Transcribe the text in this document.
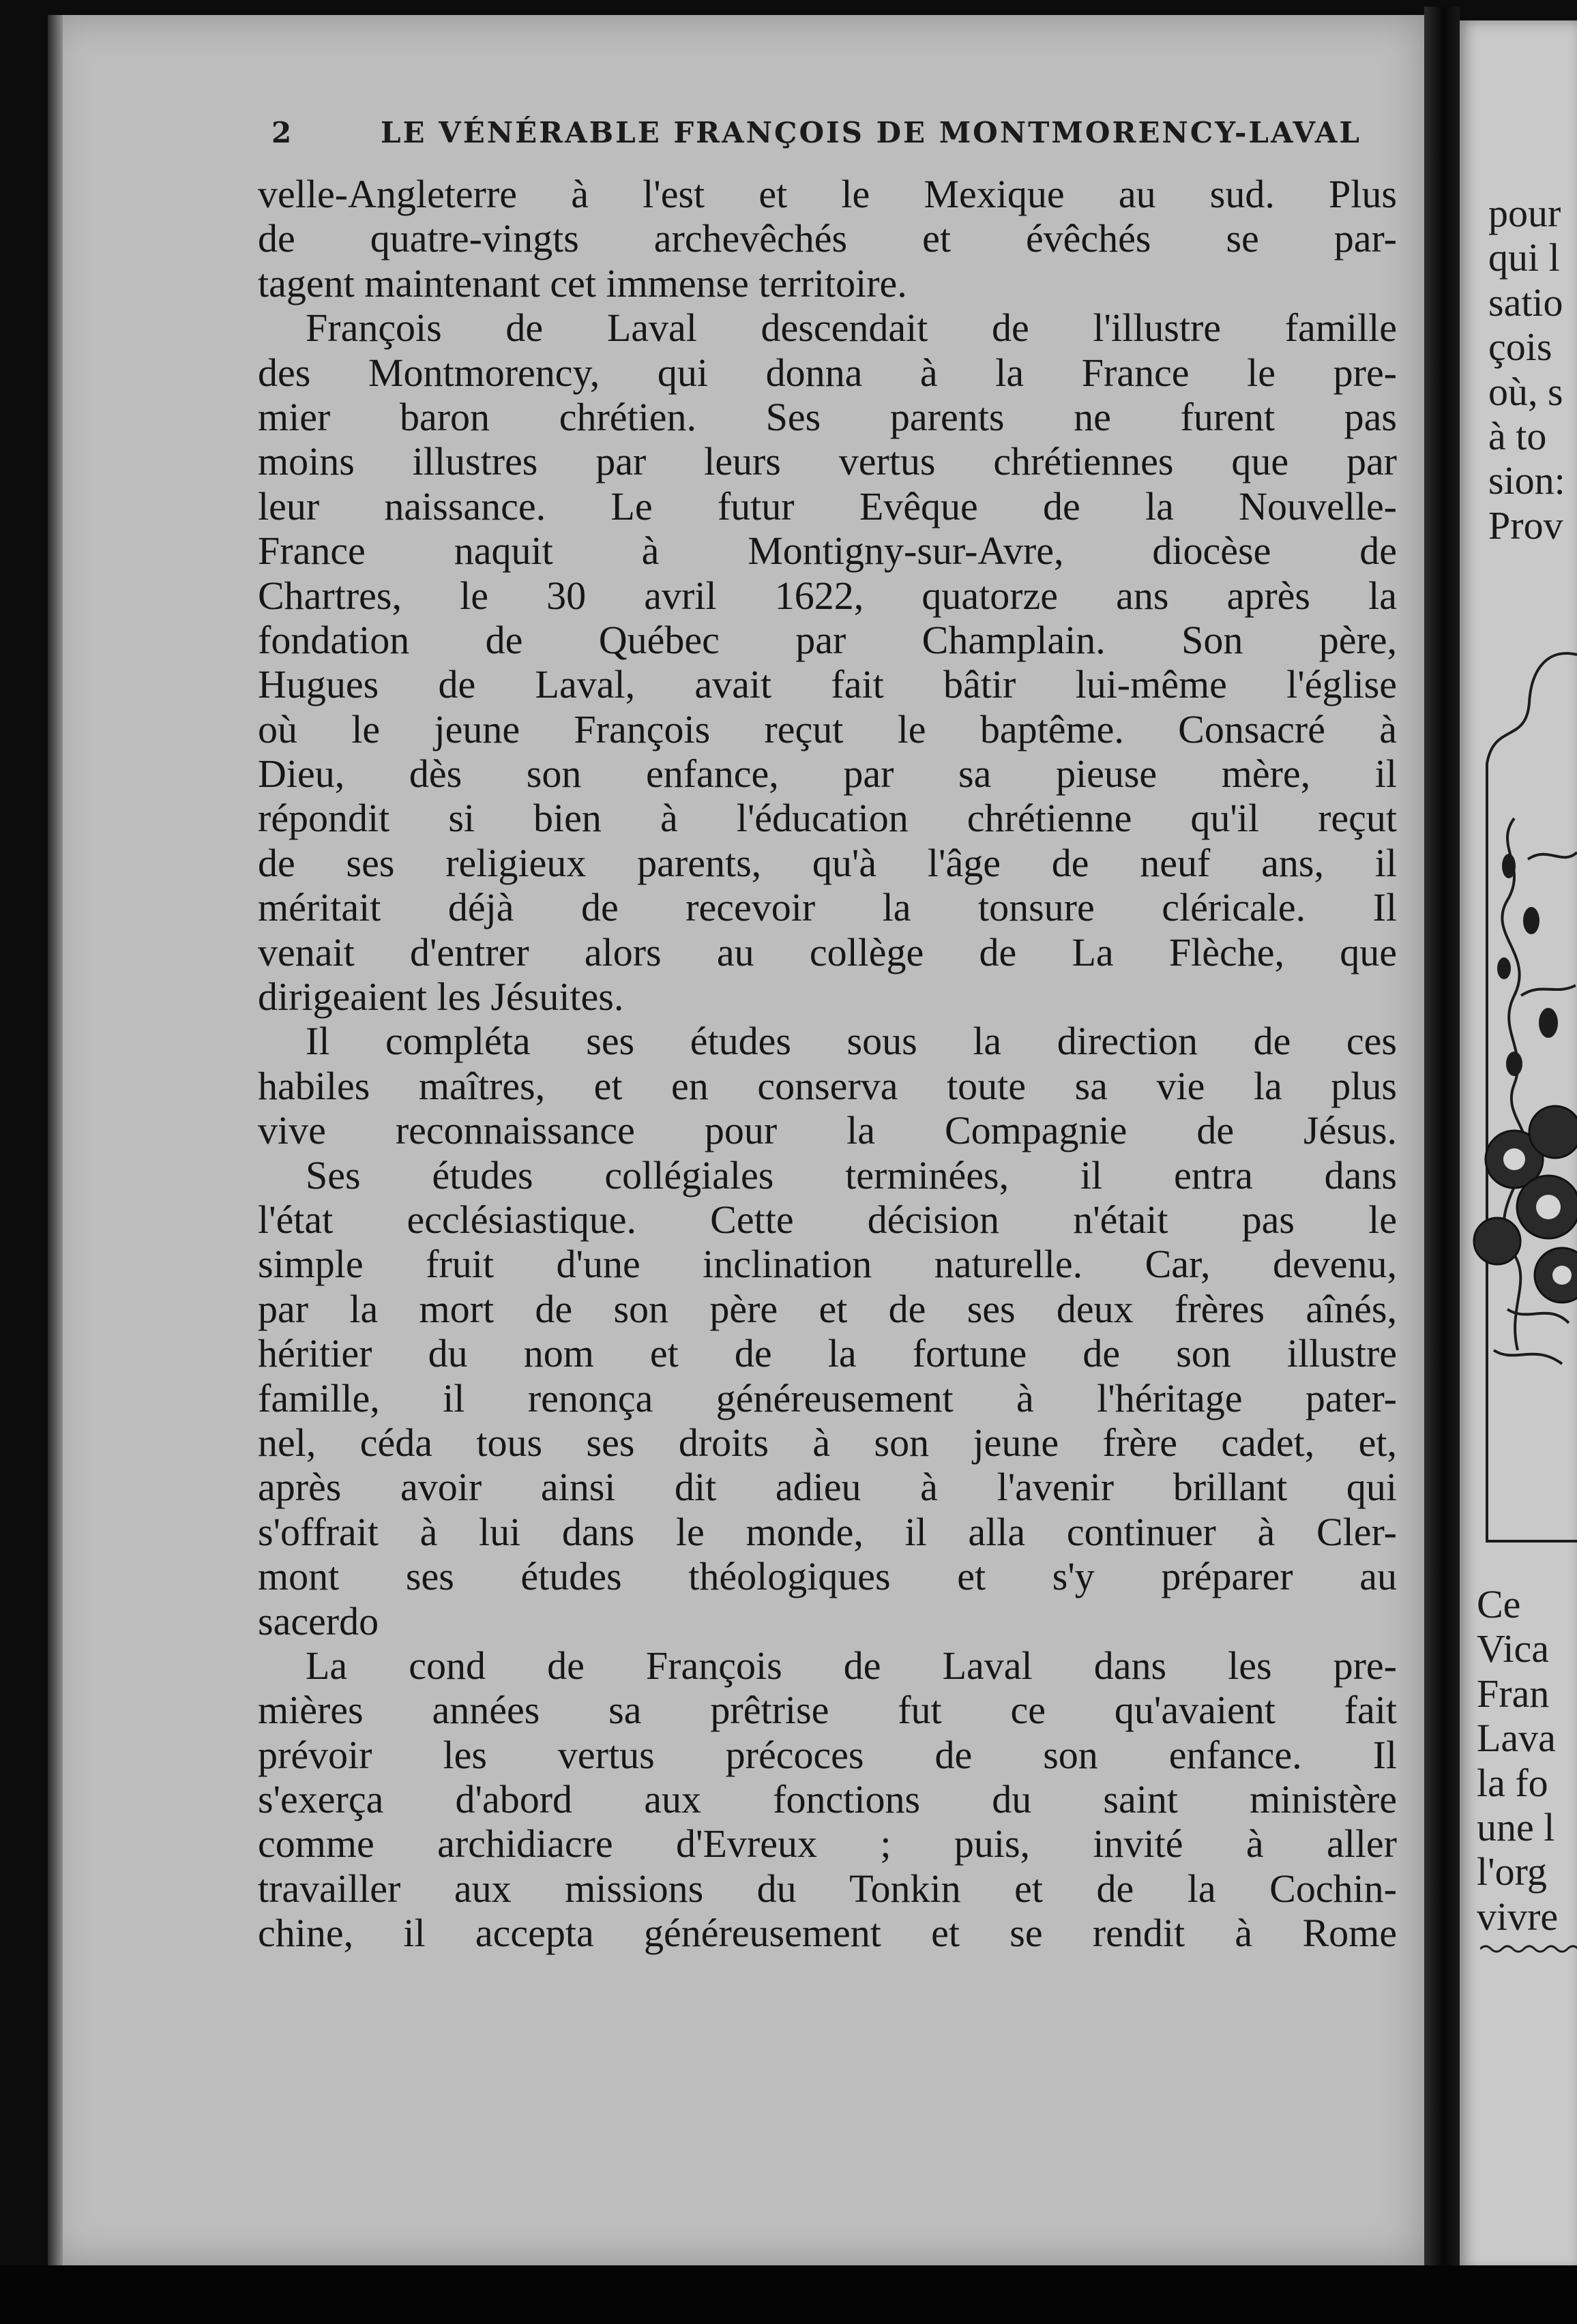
2	LE VÉNÉRABLE FRANÇOIS DE MONTMORENCY-LAVAL
velle-Angleterre à l'est et le Mexique au sud. Plus
de quatre-vingts archevêchés et évêchés se par-
tagent maintenant cet immense territoire.
François de Laval descendait de l'illustre famille
des Montmorency, qui donna à la France le pre-
mier baron chrétien. Ses parents ne furent pas
moins illustres par leurs vertus chrétiennes que par
leur naissance. Le futur Evêque de la Nouvelle-
France naquit à Montigny-sur-Avre, diocèse de
Chartres, le 30 avril 1622, quatorze ans après la
fondation de Québec par Champlain. Son père,
Hugues de Laval, avait fait bâtir lui-même l'église
où le jeune François reçut le baptême. Consacré à
Dieu, dès son enfance, par sa pieuse mère, il
répondit si bien à l'éducation chrétienne qu'il reçut
de ses religieux parents, qu'à l'âge de neuf ans, il
méritait déjà de recevoir la tonsure cléricale. Il
venait d'entrer alors au collège de La Flèche, que
dirigeaient les Jésuites.
Il compléta ses études sous la direction de ces
habiles maîtres, et en conserva toute sa vie la plus
vive reconnaissance pour la Compagnie de Jésus.
Ses études collégiales terminées, il entra dans
l'état ecclésiastique. Cette décision n'était pas le
simple fruit d'une inclination naturelle. Car, devenu,
par la mort de son père et de ses deux frères aînés,
héritier du nom et de la fortune de son illustre
famille, il renonça généreusement à l'héritage pater-
nel, céda tous ses droits à son jeune frère cadet, et,
après avoir ainsi dit adieu à l'avenir brillant qui
s'offrait à lui dans le monde, il alla continuer à Cler-
mont ses études théologiques et s'y préparer au
sacerdo
La cond de François de Laval dans les pre-
mières années sa prêtrise fut ce qu'avaient fait
prévoir les vertus précoces de son enfance. Il
s'exerça d'abord aux fonctions du saint ministère
comme archidiacre d'Evreux ; puis, invité à aller
travailler aux missions du Tonkin et de la Cochin-
chine, il accepta généreusement et se rendit à Rome
pour
qui l
satio
çois
où, s
à to
sion:
Prov
Ce
Vica
Fran
Lava
la fo
une l
l'org
vivre
